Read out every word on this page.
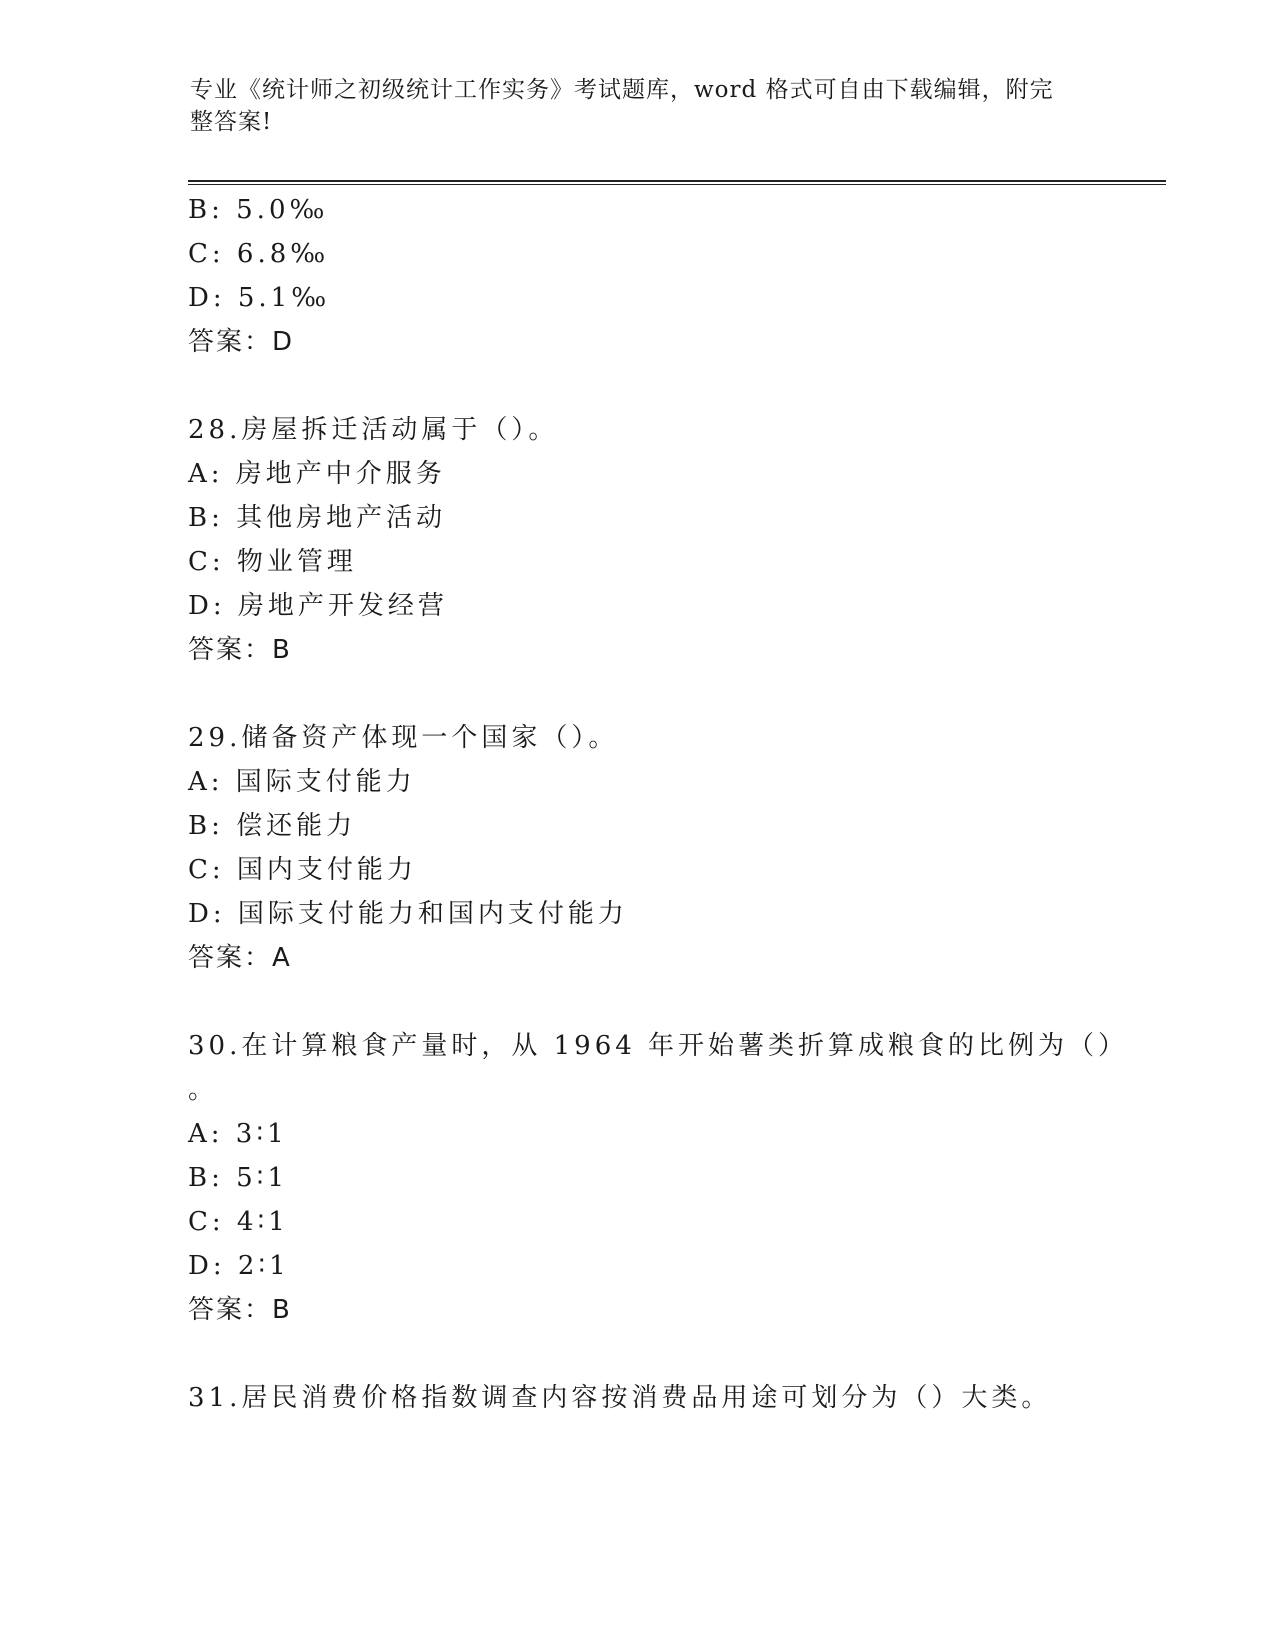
专业《统计师之初级统计工作实务》考试题库，word 格式可自由下载编辑，附完
整答案!
B: 5.0‰
C: 6.8‰
D: 5.1‰
答案：D
28.房屋拆迁活动属于（）。
A: 房地产中介服务
B: 其他房地产活动
C: 物业管理
D: 房地产开发经营
答案：B
29.储备资产体现一个国家（）。
A: 国际支付能力
B: 偿还能力
C: 国内支付能力
D: 国际支付能力和国内支付能力
答案：A
30.在计算粮食产量时，从 1964 年开始薯类折算成粮食的比例为（）
。
A: 3∶1
B: 5∶1
C: 4∶1
D: 2∶1
答案：B
31.居民消费价格指数调查内容按消费品用途可划分为（）大类。
